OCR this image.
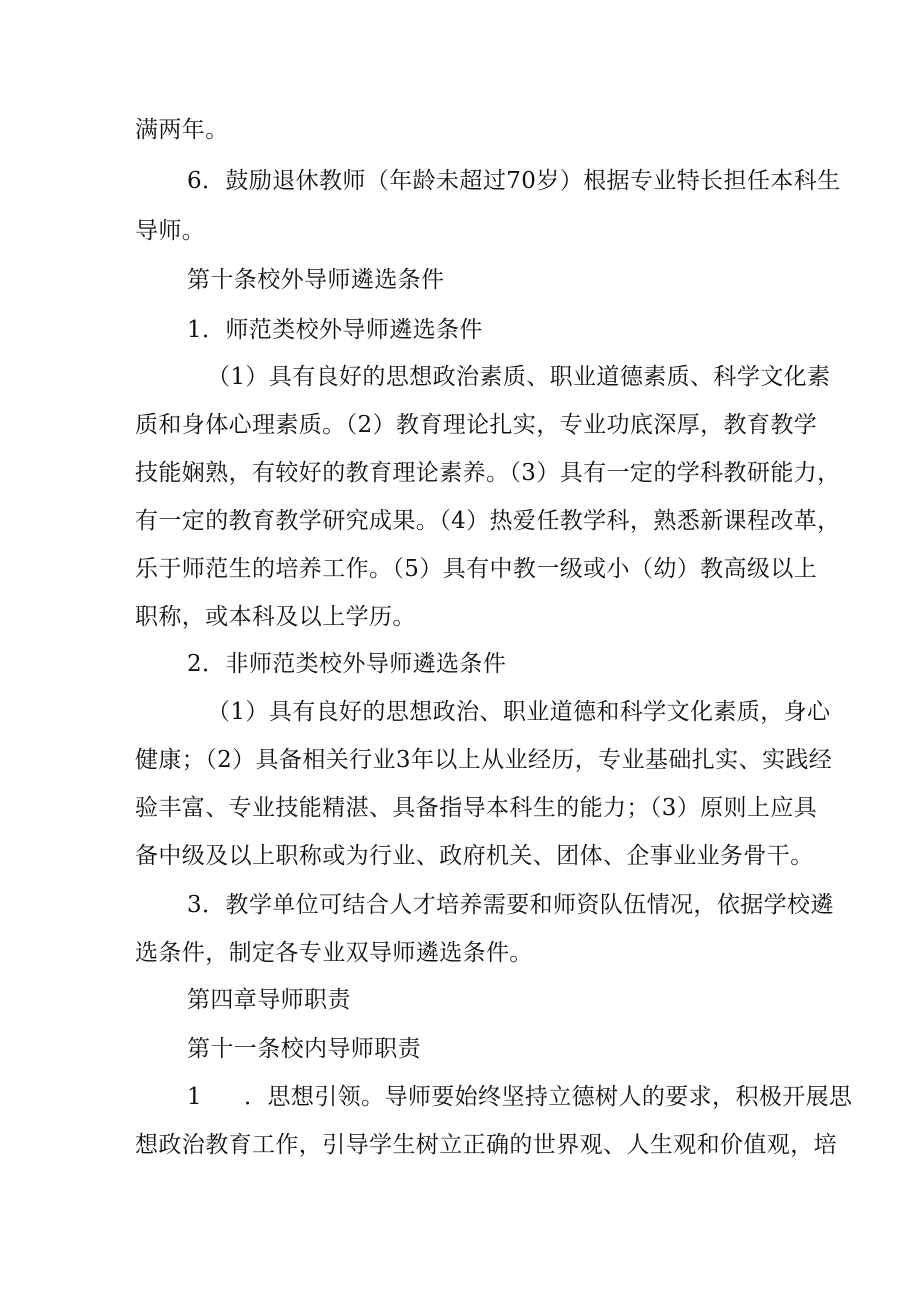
满两年。
6．鼓励退休教师（年龄未超过70岁）根据专业特长担任本科生
导师。
第十条校外导师遴选条件
1．师范类校外导师遴选条件
（1）具有良好的思想政治素质、职业道德素质、科学文化素
质和身体心理素质。（2）教育理论扎实，专业功底深厚，教育教学
技能娴熟，有较好的教育理论素养。（3）具有一定的学科教研能力，
有一定的教育教学研究成果。（4）热爱任教学科，熟悉新课程改革，
乐于师范生的培养工作。（5）具有中教一级或小（幼）教高级以上
职称，或本科及以上学历。
2．非师范类校外导师遴选条件
（1）具有良好的思想政治、职业道德和科学文化素质，身心
健康；（2）具备相关行业3年以上从业经历，专业基础扎实、实践经
验丰富、专业技能精湛、具备指导本科生的能力；（3）原则上应具
备中级及以上职称或为行业、政府机关、团体、企事业业务骨干。
3．教学单位可结合人才培养需要和师资队伍情况，依据学校遴
选条件，制定各专业双导师遴选条件。
第四章导师职责
第十一条校内导师职责
1 ．思想引领。导师要始终坚持立德树人的要求，积极开展思
想政治教育工作，引导学生树立正确的世界观、人生观和价值观，培
